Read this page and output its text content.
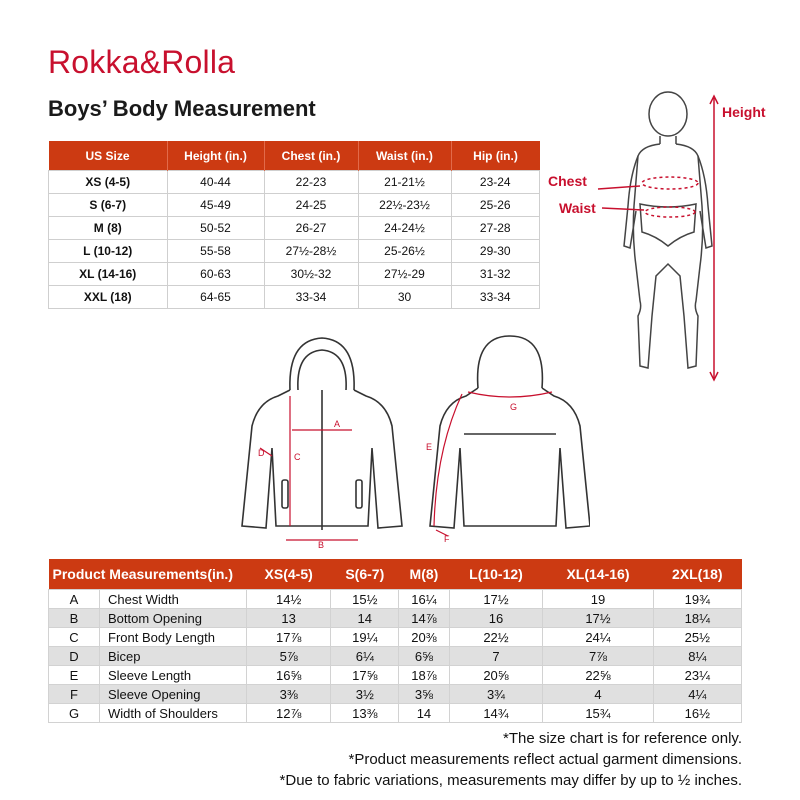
Rokka&Rolla
Boys’ Body Measurement
US Size	Height (in.)	Chest (in.)	Waist (in.)	Hip (in.)
XS (4-5)	40-44	22-23	21-21½	23-24
S (6-7)	45-49	24-25	22½-23½	25-26
M (8)	50-52	26-27	24-24½	27-28
L (10-12)	55-58	27½-28½	25-26½	29-30
XL (14-16)	60-63	30½-32	27½-29	31-32
XXL (18)	64-65	33-34	30	33-34
Height
Chest
Waist
A
B
C
D
E
F
G
Product Measurements(in.)		XS(4-5)	S(6-7)	M(8)	L(10-12)	XL(14-16)	2XL(18)
A	Chest Width	14½	15½	16¼	17½	19	19¾
B	Bottom Opening	13	14	14⅞	16	17½	18¼
C	Front Body Length	17⅞	19¼	20⅜	22½	24¼	25½
D	Bicep	5⅞	6¼	6⅝	7	7⅞	8¼
E	Sleeve Length	16⅝	17⅝	18⅞	20⅝	22⅝	23¼
F	Sleeve Opening	3⅜	3½	3⅝	3¾	4	4¼
G	Width of Shoulders	12⅞	13⅜	14	14¾	15¾	16½
*The size chart is for reference only.
*Product measurements reflect actual garment dimensions.
*Due to fabric variations, measurements may differ by up to ½ inches.
